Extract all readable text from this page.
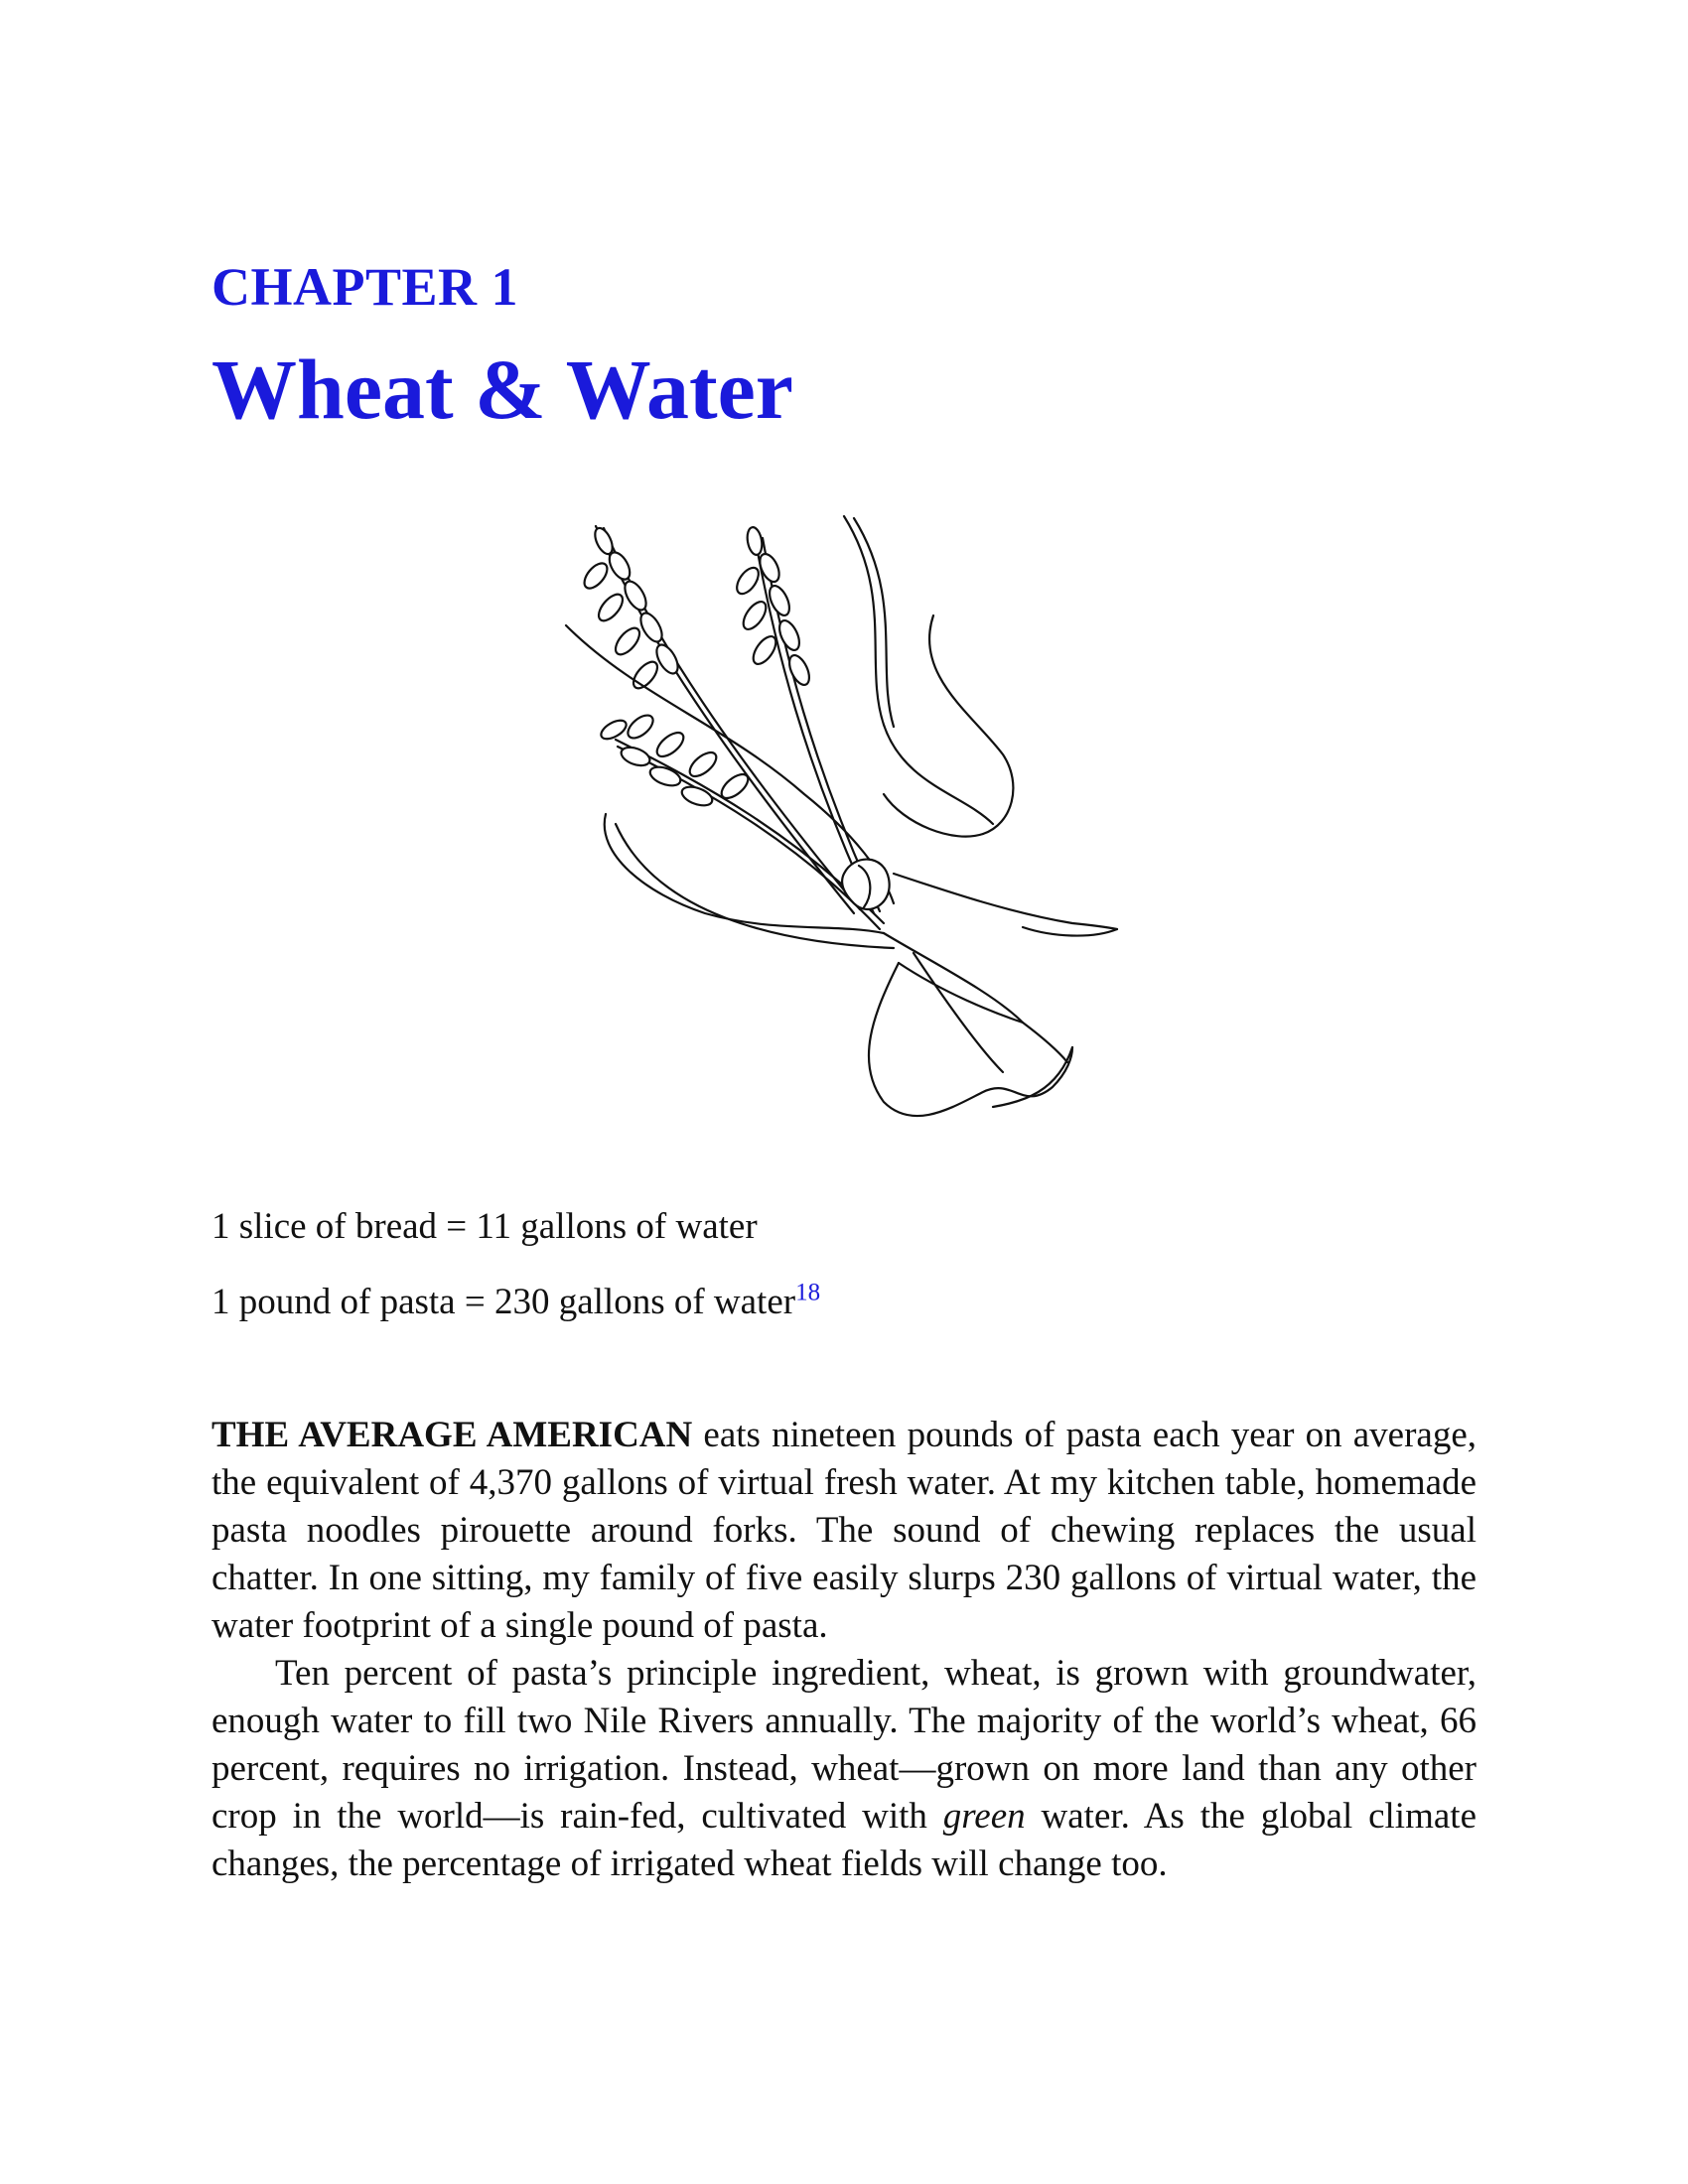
CHAPTER 1
Wheat & Water

1 slice of bread = 11 gallons of water

1 pound of pasta = 230 gallons of water$^{18}$

THE AVERAGE AMERICAN eats nineteen pounds of pasta each year on average, the equivalent of 4,370 gallons of virtual fresh water. At my kitchen table, homemade pasta noodles pirouette around forks. The sound of chewing replaces the usual chatter. In one sitting, my family of five easily slurps 230 gallons of virtual water, the water footprint of a single pound of pasta.

Ten percent of pasta’s principle ingredient, wheat, is grown with groundwater, enough water to fill two Nile Rivers annually. The majority of the world’s wheat, 66 percent, requires no irrigation. Instead, wheat—grown on more land than any other crop in the world—is rain-fed, cultivated with green water. As the global climate changes, the percentage of irrigated wheat fields will change too.
